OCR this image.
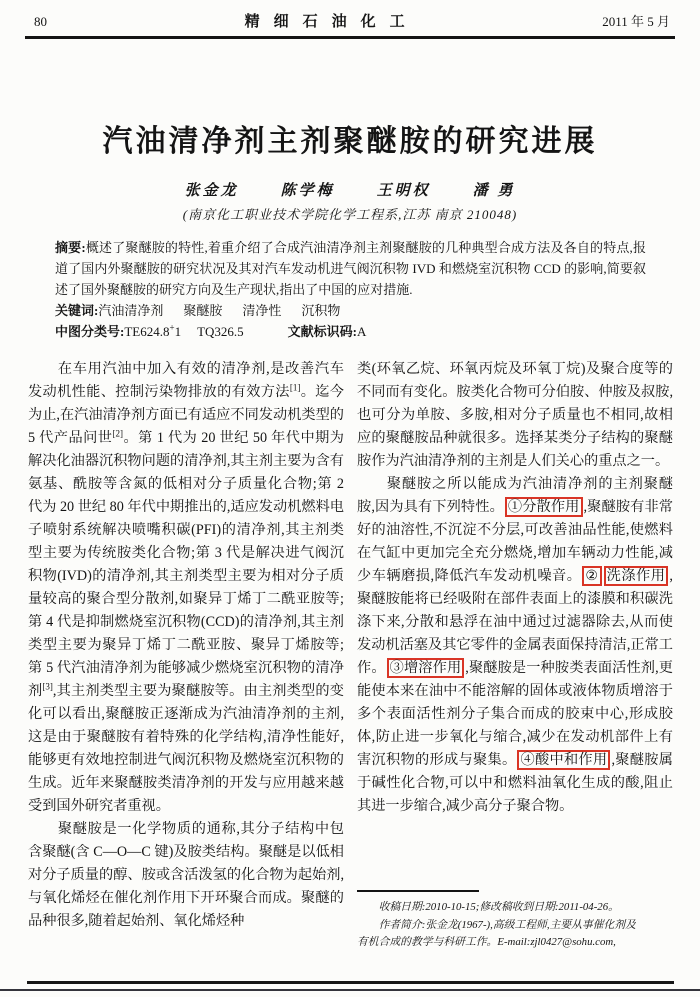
80	精细石油化工	2011 年 5 月
汽油清净剂主剂聚醚胺的研究进展
张金龙	陈学梅	王明权	潘 勇
(南京化工职业技术学院化学工程系,江苏 南京 210048)

摘要:概述了聚醚胺的特性,着重介绍了合成汽油清净剂主剂聚醚胺的几种典型合成方法及各自的特点,报道了国内外聚醚胺的研究状况及其对汽车发动机进气阀沉积物 IVD 和燃烧室沉积物 CCD 的影响,简要叙述了国外聚醚胺的研究方向及生产现状,指出了中国的应对措施.

关键词:汽油清净剂 聚醚胺 清净性 沉积物

中图分类号:TE624.8+1 TQ326.5	文献标识码:A

在车用汽油中加入有效的清净剂,是改善汽车发动机性能、控制污染物排放的有效方法[1]。迄今为止,在汽油清净剂方面已有适应不同发动机类型的 5 代产品问世[2]。第 1 代为 20 世纪 50 年代中期为解决化油器沉积物问题的清净剂,其主剂主要为含有氨基、酰胺等含氮的低相对分子质量化合物;第 2 代为 20 世纪 80 年代中期推出的,适应发动机燃料电子喷射系统解决喷嘴积碳(PFI)的清净剂,其主剂类型主要为传统胺类化合物;第 3 代是解决进气阀沉积物(IVD)的清净剂,其主剂类型主要为相对分子质量较高的聚合型分散剂,如聚异丁烯丁二酰亚胺等;第 4 代是抑制燃烧室沉积物(CCD)的清净剂,其主剂类型主要为聚异丁烯丁二酰亚胺、聚异丁烯胺等;第 5 代汽油清净剂为能够减少燃烧室沉积物的清净剂[3],其主剂类型主要为聚醚胺等。由主剂类型的变化可以看出,聚醚胺正逐渐成为汽油清净剂的主剂,这是由于聚醚胺有着特殊的化学结构,清净性能好,能够更有效地控制进气阀沉积物及燃烧室沉积物的生成。近年来聚醚胺类清净剂的开发与应用越来越受到国外研究者重视。

聚醚胺是一化学物质的通称,其分子结构中包含聚醚(含 C—O—C 键)及胺类结构。聚醚是以低相对分子质量的醇、胺或含活泼氢的化合物为起始剂,与氧化烯烃在催化剂作用下开环聚合而成。聚醚的品种很多,随着起始剂、氧化烯烃种

类(环氧乙烷、环氧丙烷及环氧丁烷)及聚合度等的不同而有变化。胺类化合物可分伯胺、仲胺及叔胺,也可分为单胺、多胺,相对分子质量也不相同,故相应的聚醚胺品种就很多。选择某类分子结构的聚醚胺作为汽油清净剂的主剂是人们关心的重点之一。

聚醚胺之所以能成为汽油清净剂的主剂聚醚胺,因为具有下列特性。 ①分散作用 ,聚醚胺有非常好的油溶性,不沉淀不分层,可改善油品性能,使燃料在气缸中更加完全充分燃烧,增加车辆动力性能,减少车辆磨损,降低汽车发动机噪音。 ② 洗涤作用 ,聚醚胺能将已经吸附在部件表面上的漆膜和积碳洗涤下来,分散和悬浮在油中通过过滤器除去,从而使发动机活塞及其它零件的金属表面保持清洁,正常工作。 ③增溶作用 ,聚醚胺是一种胺类表面活性剂,更能使本来在油中不能溶解的固体或液体物质增溶于多个表面活性剂分子集合而成的胶束中心,形成胶体,防止进一步氧化与缩合,减少在发动机部件上有害沉积物的形成与聚集。 ④酸中和作用 ,聚醚胺属于碱性化合物,可以中和燃料油氧化生成的酸,阻止其进一步缩合,减少高分子聚合物。

收稿日期:2010-10-15;修改稿收到日期:2011-04-26。

作者简介:张金龙(1967-),高级工程师,主要从事催化剂及

有机合成的教学与科研工作。E-mail:zjl0427@sohu.com,
